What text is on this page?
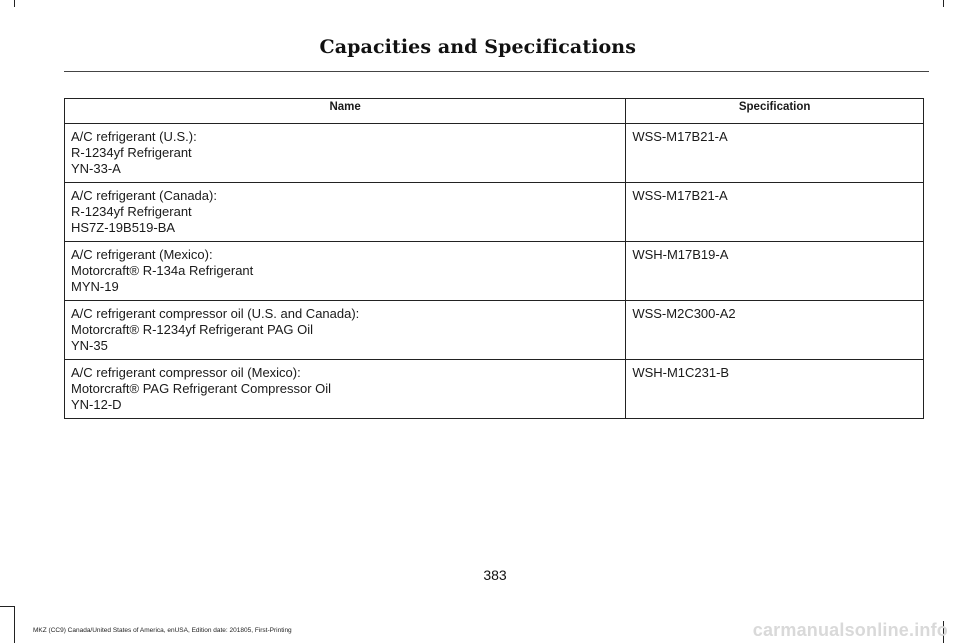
Capacities and Specifications
Name	Specification

A/C refrigerant (U.S.):
R-1234yf Refrigerant
YN-33-A	WSS-M17B21-A

A/C refrigerant (Canada):
R-1234yf Refrigerant
HS7Z-19B519-BA	WSS-M17B21-A

A/C refrigerant (Mexico):
Motorcraft® R-134a Refrigerant
MYN-19	WSH-M17B19-A

A/C refrigerant compressor oil (U.S. and Canada):
Motorcraft® R-1234yf Refrigerant PAG Oil
YN-35	WSS-M2C300-A2

A/C refrigerant compressor oil (Mexico):
Motorcraft® PAG Refrigerant Compressor Oil
YN-12-D	WSH-M1C231-B
383
MKZ (CC9) Canada/United States of America, enUSA, Edition date: 201805, First-Printing	carmanualsonline.info
